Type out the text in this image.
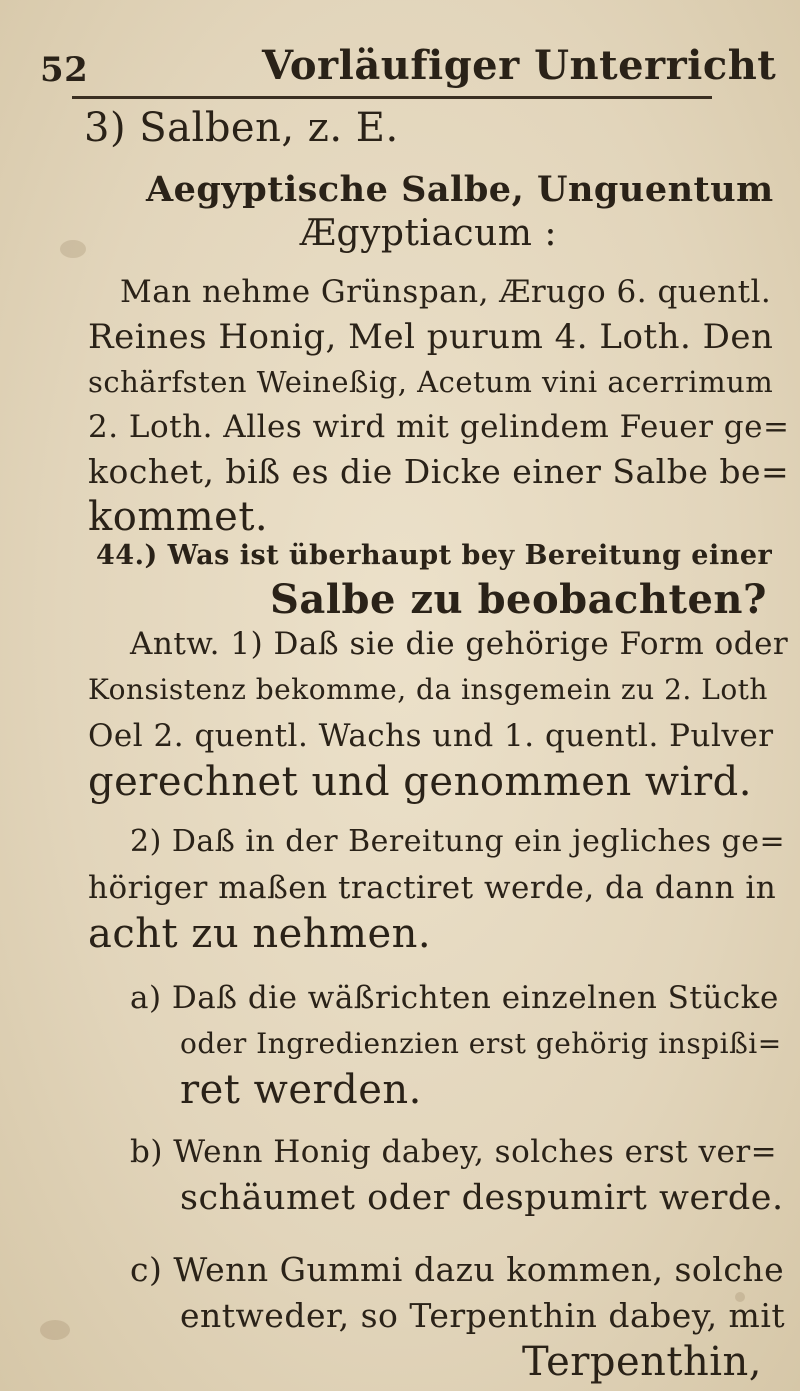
52	Vorläufiger Unterricht
3) Salben, z. E.
Aegyptische Salbe, Unguentum
Ægyptiacum :
Man nehme Grünspan, Ærugo 6. quentl.
Reines Honig, Mel purum 4. Loth. Den
schärfsten Weineßig, Acetum vini acerrimum
2. Loth. Alles wird mit gelindem Feuer ge=
kochet, biß es die Dicke einer Salbe be=
kommet.
44.) Was ist überhaupt bey Bereitung einer
Salbe zu beobachten?
Antw. 1) Daß sie die gehörige Form oder
Konsistenz bekomme, da insgemein zu 2. Loth
Oel 2. quentl. Wachs und 1. quentl. Pulver
gerechnet und genommen wird.
2) Daß in der Bereitung ein jegliches ge=
höriger maßen tractiret werde, da dann in
acht zu nehmen.
a) Daß die wäßrichten einzelnen Stücke
oder Ingredienzien erst gehörig inspißi=
ret werden.
b) Wenn Honig dabey, solches erst ver=
schäumet oder despumirt werde.
c) Wenn Gummi dazu kommen, solche
entweder, so Terpenthin dabey, mit
Terpenthin,
